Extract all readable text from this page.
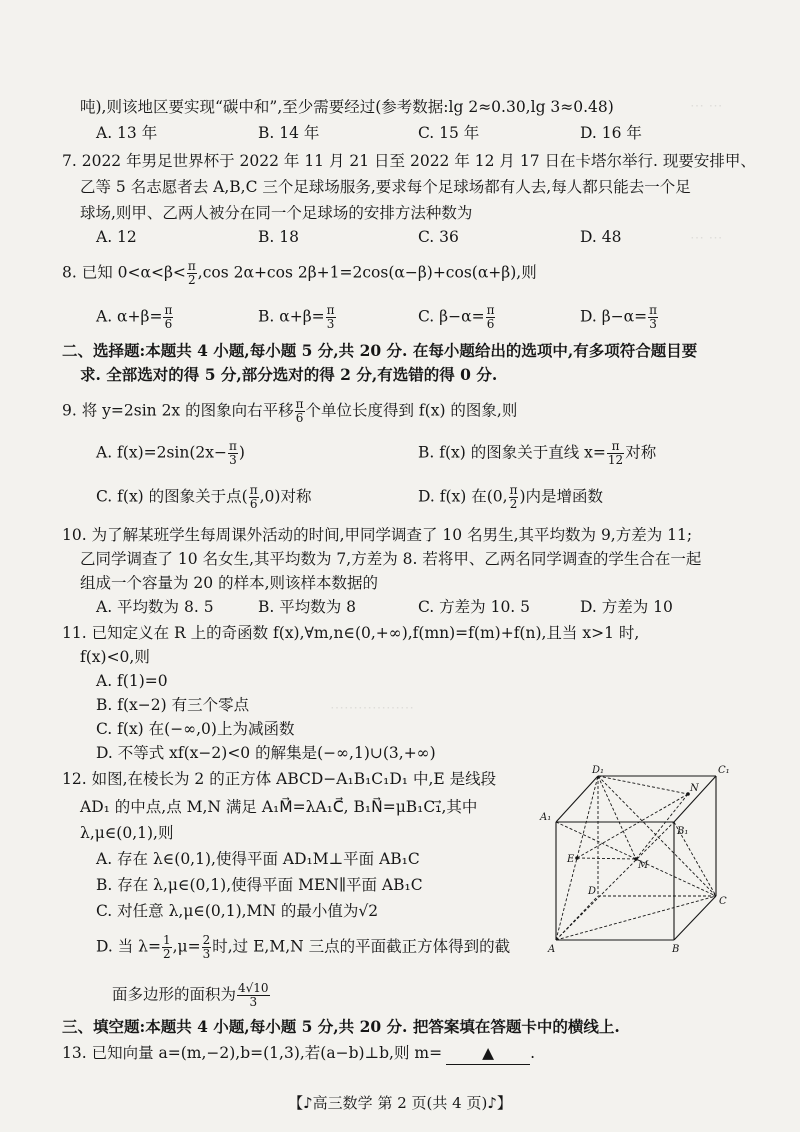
⋯ ⋯
⋯ ⋯
⋯⋯⋯⋯⋯⋯
吨),则该地区要实现“碳中和”,至少需要经过(参考数据:lg 2≈0.30,lg 3≈0.48)
A. 13 年	B. 14 年	C. 15 年	D. 16 年
7. 2022 年男足世界杯于 2022 年 11 月 21 日至 2022 年 12 月 17 日在卡塔尔举行. 现要安排甲、
乙等 5 名志愿者去 A,B,C 三个足球场服务,要求每个足球场都有人去,每人都只能去一个足
球场,则甲、乙两人被分在同一个足球场的安排方法种数为
A. 12	B. 18	C. 36	D. 48
8. 已知 $0<\alpha<\beta< \frac{\pi}{2} ,\cos$ 2α+cos 2β+1=2cos(α−β)+cos(α+β),则
A. $\alpha+\beta= \frac{\pi}{6}$	B. $\alpha+\beta= \frac{\pi}{3}$	C. $\beta-\alpha= \frac{\pi}{6}$	D. $\beta-\alpha= \frac{\pi}{3}$
二、选择题:本题共 4 小题,每小题 5 分,共 20 分. 在每小题给出的选项中,有多项符合题目要
求. 全部选对的得 5 分,部分选对的得 2 分,有选错的得 0 分.
9. 将 y=2sin 2x 的图象向右平移 $\frac{\pi}{6}$ 个单位长度得到 f(x) 的图象,则
A. $f(x)=2\sin(2x- \frac{\pi}{3}$ )	B. f(x) 的图象关于直线 $x= \frac{\pi}{12}$ 对称
C. f(x) 的图象关于点( $\frac{\pi}{6} ,0$)对称	D. f(x) 在(0, $\frac{\pi}{2}$ )内是增函数
10. 为了解某班学生每周课外活动的时间,甲同学调查了 10 名男生,其平均数为 9,方差为 11;
乙同学调查了 10 名女生,其平均数为 7,方差为 8. 若将甲、乙两名同学调查的学生合在一起
组成一个容量为 20 的样本,则该样本数据的
A. 平均数为 8. 5	B. 平均数为 8	C. 方差为 10. 5	D. 方差为 10
11. 已知定义在 R 上的奇函数 f(x),∀m,n∈(0,+∞),f(mn)=f(m)+f(n),且当 x>1 时,
f(x)<0,则
A. f(1)=0
B. f(x−2) 有三个零点
C. f(x) 在(−∞,0)上为减函数
D. 不等式 xf(x−2)<0 的解集是(−∞,1)∪(3,+∞)
12. 如图,在棱长为 2 的正方体 ABCD−A₁B₁C₁D₁ 中,E 是线段
AD₁ 的中点,点 M,N 满足 A₁M⃗=λA₁C⃗, B₁N⃗=μB₁C₁⃗,其中
λ,μ∈(0,1),则
A. 存在 λ∈(0,1),使得平面 AD₁M⊥平面 AB₁C
B. 存在 λ,μ∈(0,1),使得平面 MEN∥平面 AB₁C
C. 对任意 λ,μ∈(0,1),MN 的最小值为√2
D. 当 $\lambda= \frac{1}{2} ,\mu= \frac{2}{3}$ 时,过 E,M,N 三点的平面截正方体得到的截
面多边形的面积为 $\frac{4√10}{3}$
D₁	C₁
A₁
B₁
N
E
M
D
C
A	B
三、填空题:本题共 4 小题,每小题 5 分,共 20 分. 把答案填在答题卡中的横线上.
13. 已知向量 a=(m,−2),b=(1,3),若(a−b)⊥b,则 m=	▲ .
【♪高三数学 第 2 页(共 4 页)♪】
